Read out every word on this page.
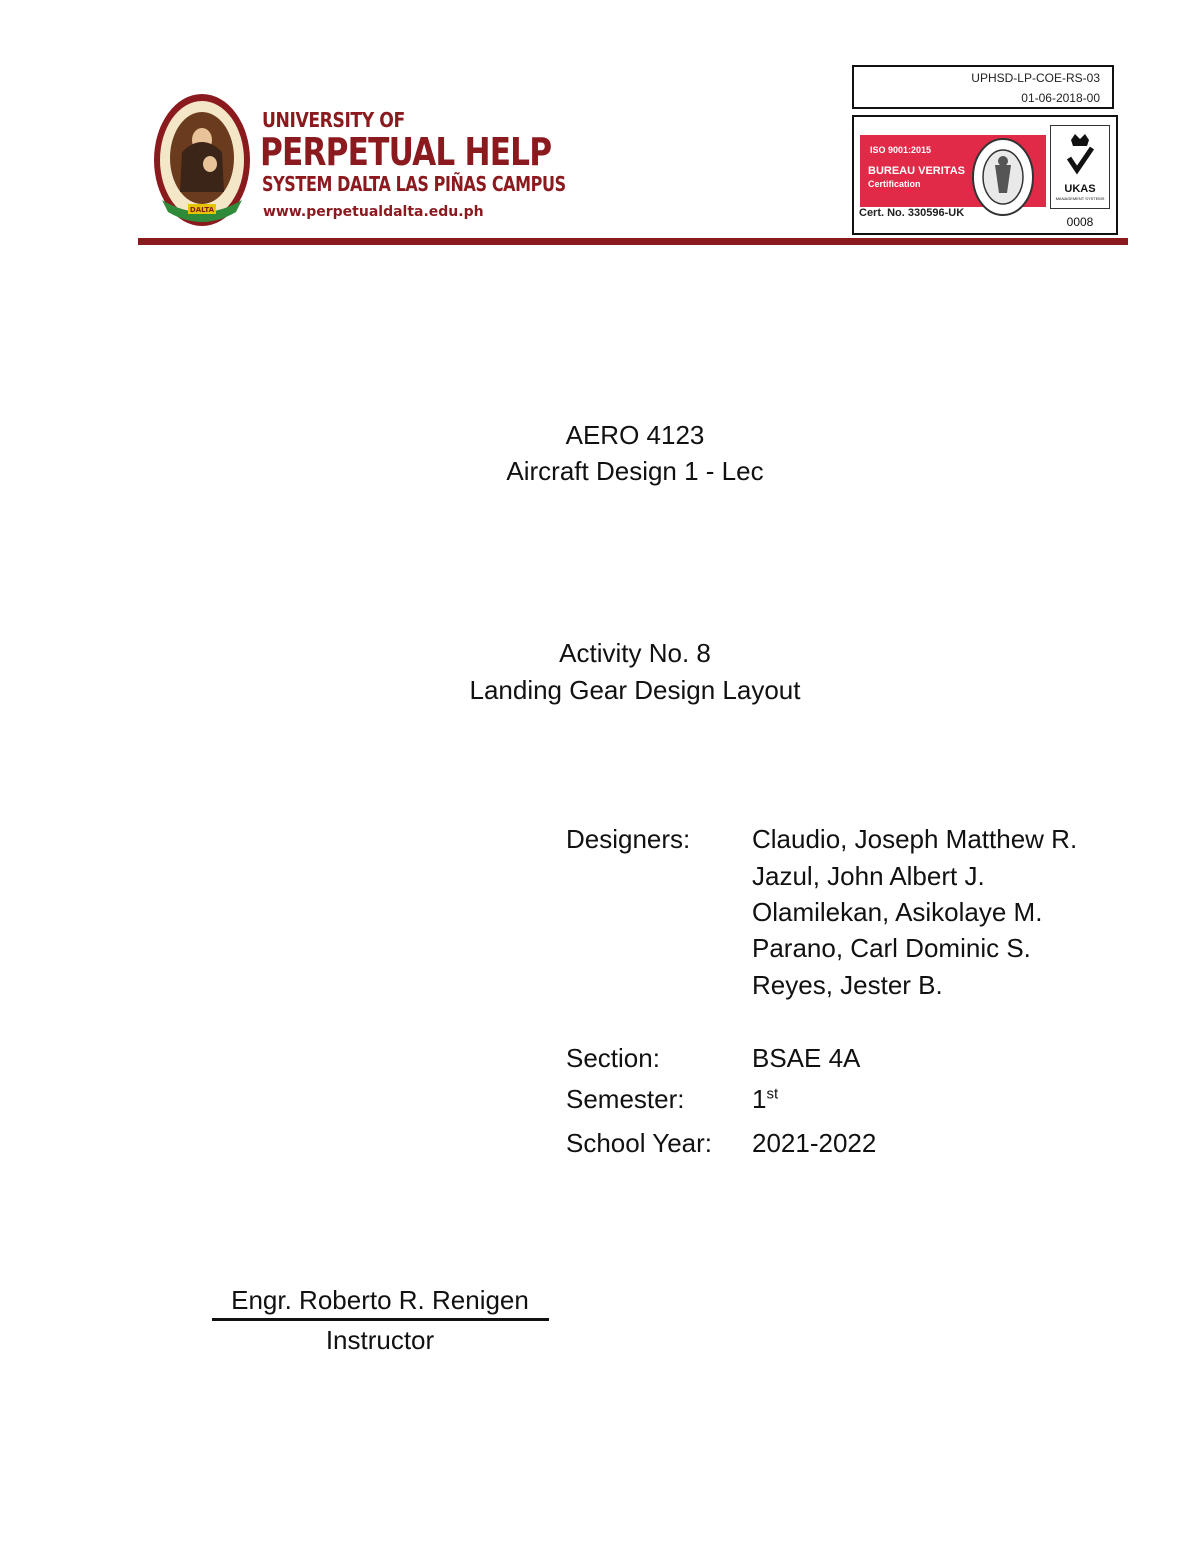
DALTA
UNIVERSITY OF
PERPETUAL HELP
SYSTEM DALTA LAS PIÑAS CAMPUS
www.perpetualdalta.edu.ph
UPHSD-LP-COE-RS-03
01-06-2018-00
ISO 9001:2015
BUREAU VERITAS
Certification
Cert. No. 330596-UK
UKAS
MANAGEMENT SYSTEMS
0008
AERO 4123
Aircraft Design 1 - Lec
Activity No. 8
Landing Gear Design Layout
Designers: Claudio, Joseph Matthew R.
Jazul, John Albert J.
Olamilekan, Asikolaye M.
Parano, Carl Dominic S.
Reyes, Jester B.
Section:	BSAE 4A
Semester:	1st
School Year: 2021-2022
Engr. Roberto R. Renigen
Instructor
